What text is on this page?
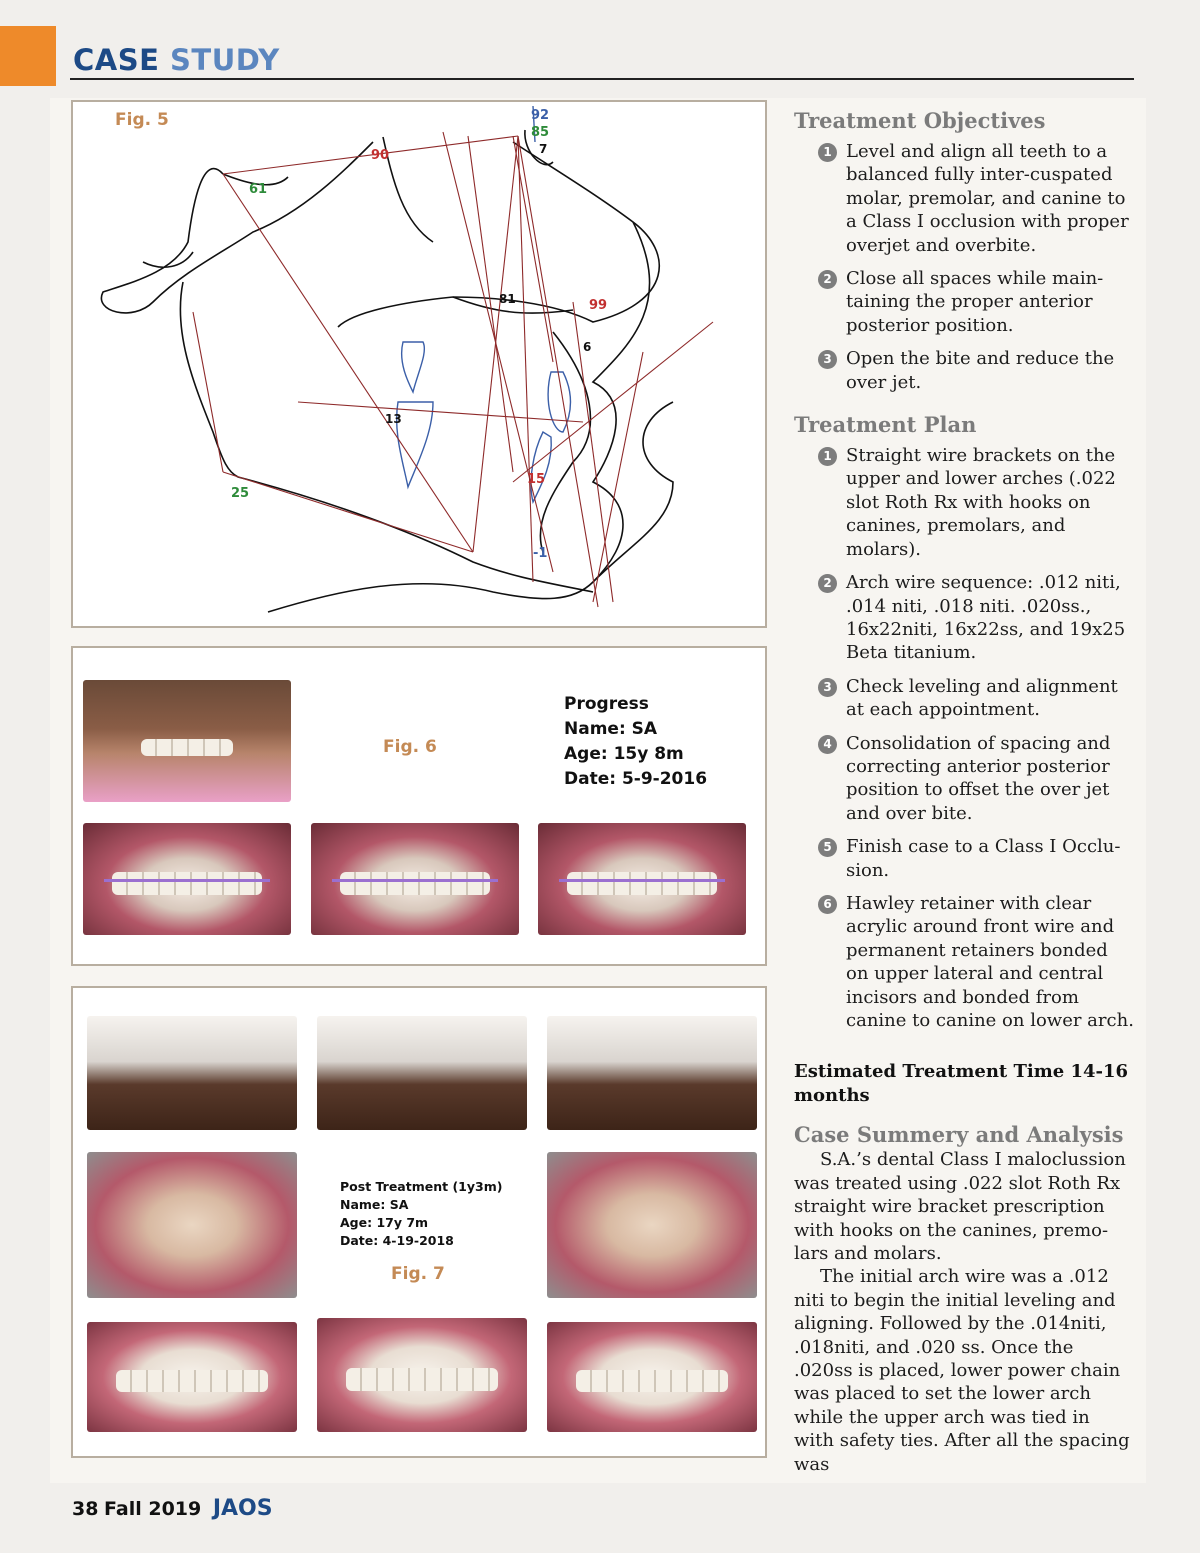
CASE STUDY
Fig. 5	92
85
7
90
61
81	99
6
13
25
15
-1
Fig. 6
Progress
Name: SA
Age: 15y 8m
Date: 5-9-2016
Fig. 7
Post Treatment (1y3m)
Name: SA
Age: 17y 7m
Date: 4-19-2018
Treatment Objectives
1 Level and align all teeth to a balanced fully inter-cuspated molar, premolar, and canine to a Class I occlusion with proper overjet and overbite.
2 Close all spaces while main-taining the proper anterior posterior position.
3 Open the bite and reduce the over jet.
Treatment Plan
1 Straight wire brackets on the upper and lower arches (.022 slot Roth Rx with hooks on canines, premolars, and molars).
2 Arch wire sequence: .012 niti, .014 niti, .018 niti. .020ss., 16x22niti, 16x22ss, and 19x25 Beta titanium.
3 Check leveling and alignment at each appointment.
4 Consolidation of spacing and correcting anterior posterior position to offset the over jet and over bite.
5 Finish case to a Class I Occlu-sion.
6 Hawley retainer with clear acrylic around front wire and permanent retainers bonded on upper lateral and central incisors and bonded from canine to canine on lower arch.
Estimated Treatment Time 14-16 months
Case Summery and Analysis
S.A.’s dental Class I maloclussion was treated using .022 slot Roth Rx straight wire bracket prescription with hooks on the canines, premo-lars and molars.
The initial arch wire was a .012 niti to begin the initial leveling and aligning. Followed by the .014niti, .018niti, and .020 ss. Once the .020ss is placed, lower power chain was placed to set the lower arch while the upper arch was tied in with safety ties. After all the spacing was
38 Fall 2019 JAOS
